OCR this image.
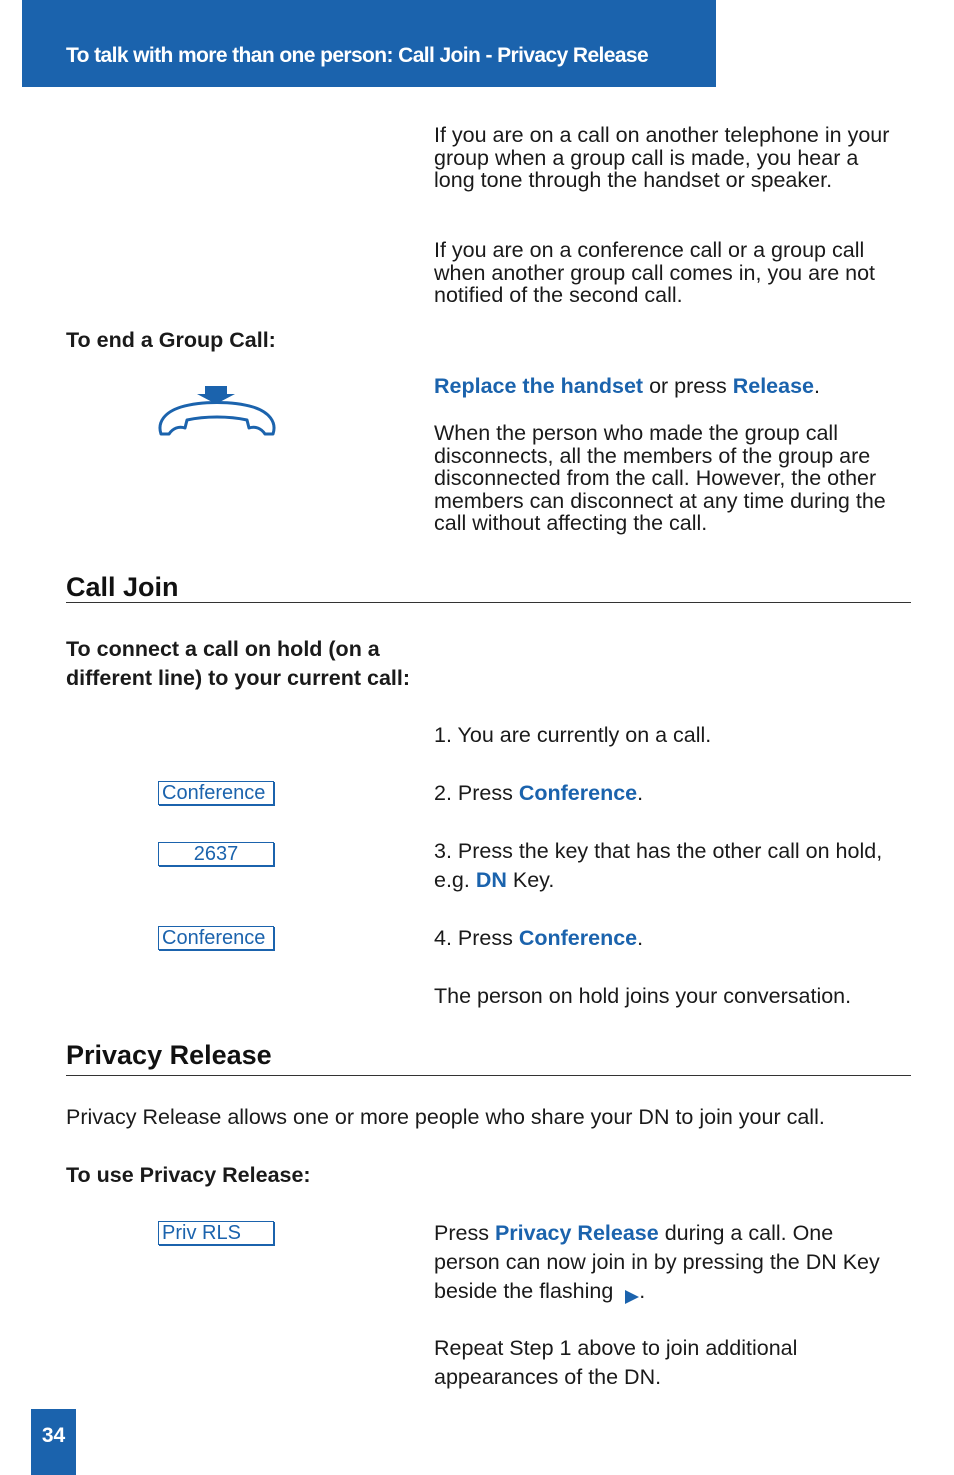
To talk with more than one person: Call Join - Privacy Release
If you are on a call on another telephone in your group when a group call is made, you hear a long tone through the handset or speaker.
If you are on a conference call or a group call when another group call comes in, you are not notified of the second call.
To end a Group Call:
Replace the handset or press Release.
When the person who made the group call disconnects, all the members of the group are disconnected from the call. However, the other members can disconnect at any time during the call without affecting the call.
Call Join
To connect a call on hold (on a
different line) to your current call:
1. You are currently on a call.
Conference	2. Press Conference.
2637	3. Press the key that has the other call on hold, e.g. DN Key.
Conference	4. Press Conference.
The person on hold joins your conversation.
Privacy Release
Privacy Release allows one or more people who share your DN to join your call.
To use Privacy Release:
Priv RLS	Press Privacy Release during a call. One person can now join in by pressing the DN Key beside the flashing .
Repeat Step 1 above to join additional appearances of the DN.
34
